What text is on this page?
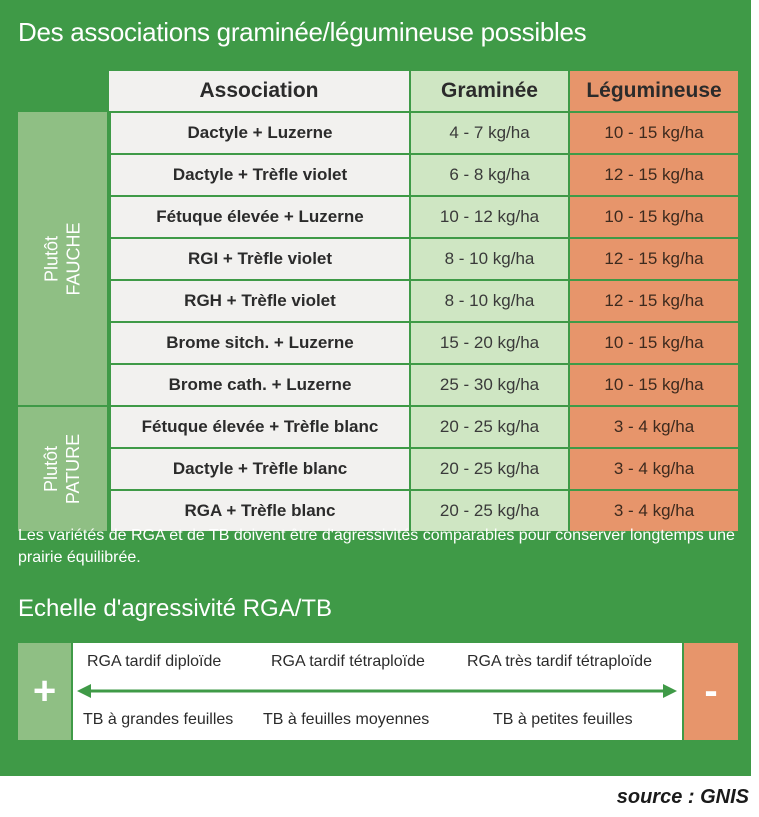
Des associations graminée/légumineuse possibles
	Association	Graminée	Légumineuse
Plutôt FAUCHE	Dactyle + Luzerne	4 - 7 kg/ha	10 - 15 kg/ha
	Dactyle + Trèfle violet	6 - 8 kg/ha	12 - 15 kg/ha
	Fétuque élevée + Luzerne	10 - 12 kg/ha	10 - 15 kg/ha
	RGI + Trèfle violet	8 - 10 kg/ha	12 - 15 kg/ha
	RGH + Trèfle violet	8 - 10 kg/ha	12 - 15 kg/ha
	Brome sitch. + Luzerne	15 - 20 kg/ha	10 - 15 kg/ha
	Brome cath. + Luzerne	25 - 30 kg/ha	10 - 15 kg/ha
Plutôt PATURE	Fétuque élevée + Trèfle blanc	20 - 25 kg/ha	3 - 4 kg/ha
	Dactyle + Trèfle blanc	20 - 25 kg/ha	3 - 4 kg/ha
	RGA + Trèfle blanc	20 - 25 kg/ha	3 - 4 kg/ha
Les variétés de RGA et de TB doivent être d'agressivités comparables pour conserver longtemps une prairie équilibrée.
Echelle d'agressivité RGA/TB
+
RGA tardif diploïde	RGA tardif tétraploïde	RGA très tardif tétraploïde
TB à grandes feuilles TB à feuilles moyennes	TB à petites feuilles
-
source : GNIS
